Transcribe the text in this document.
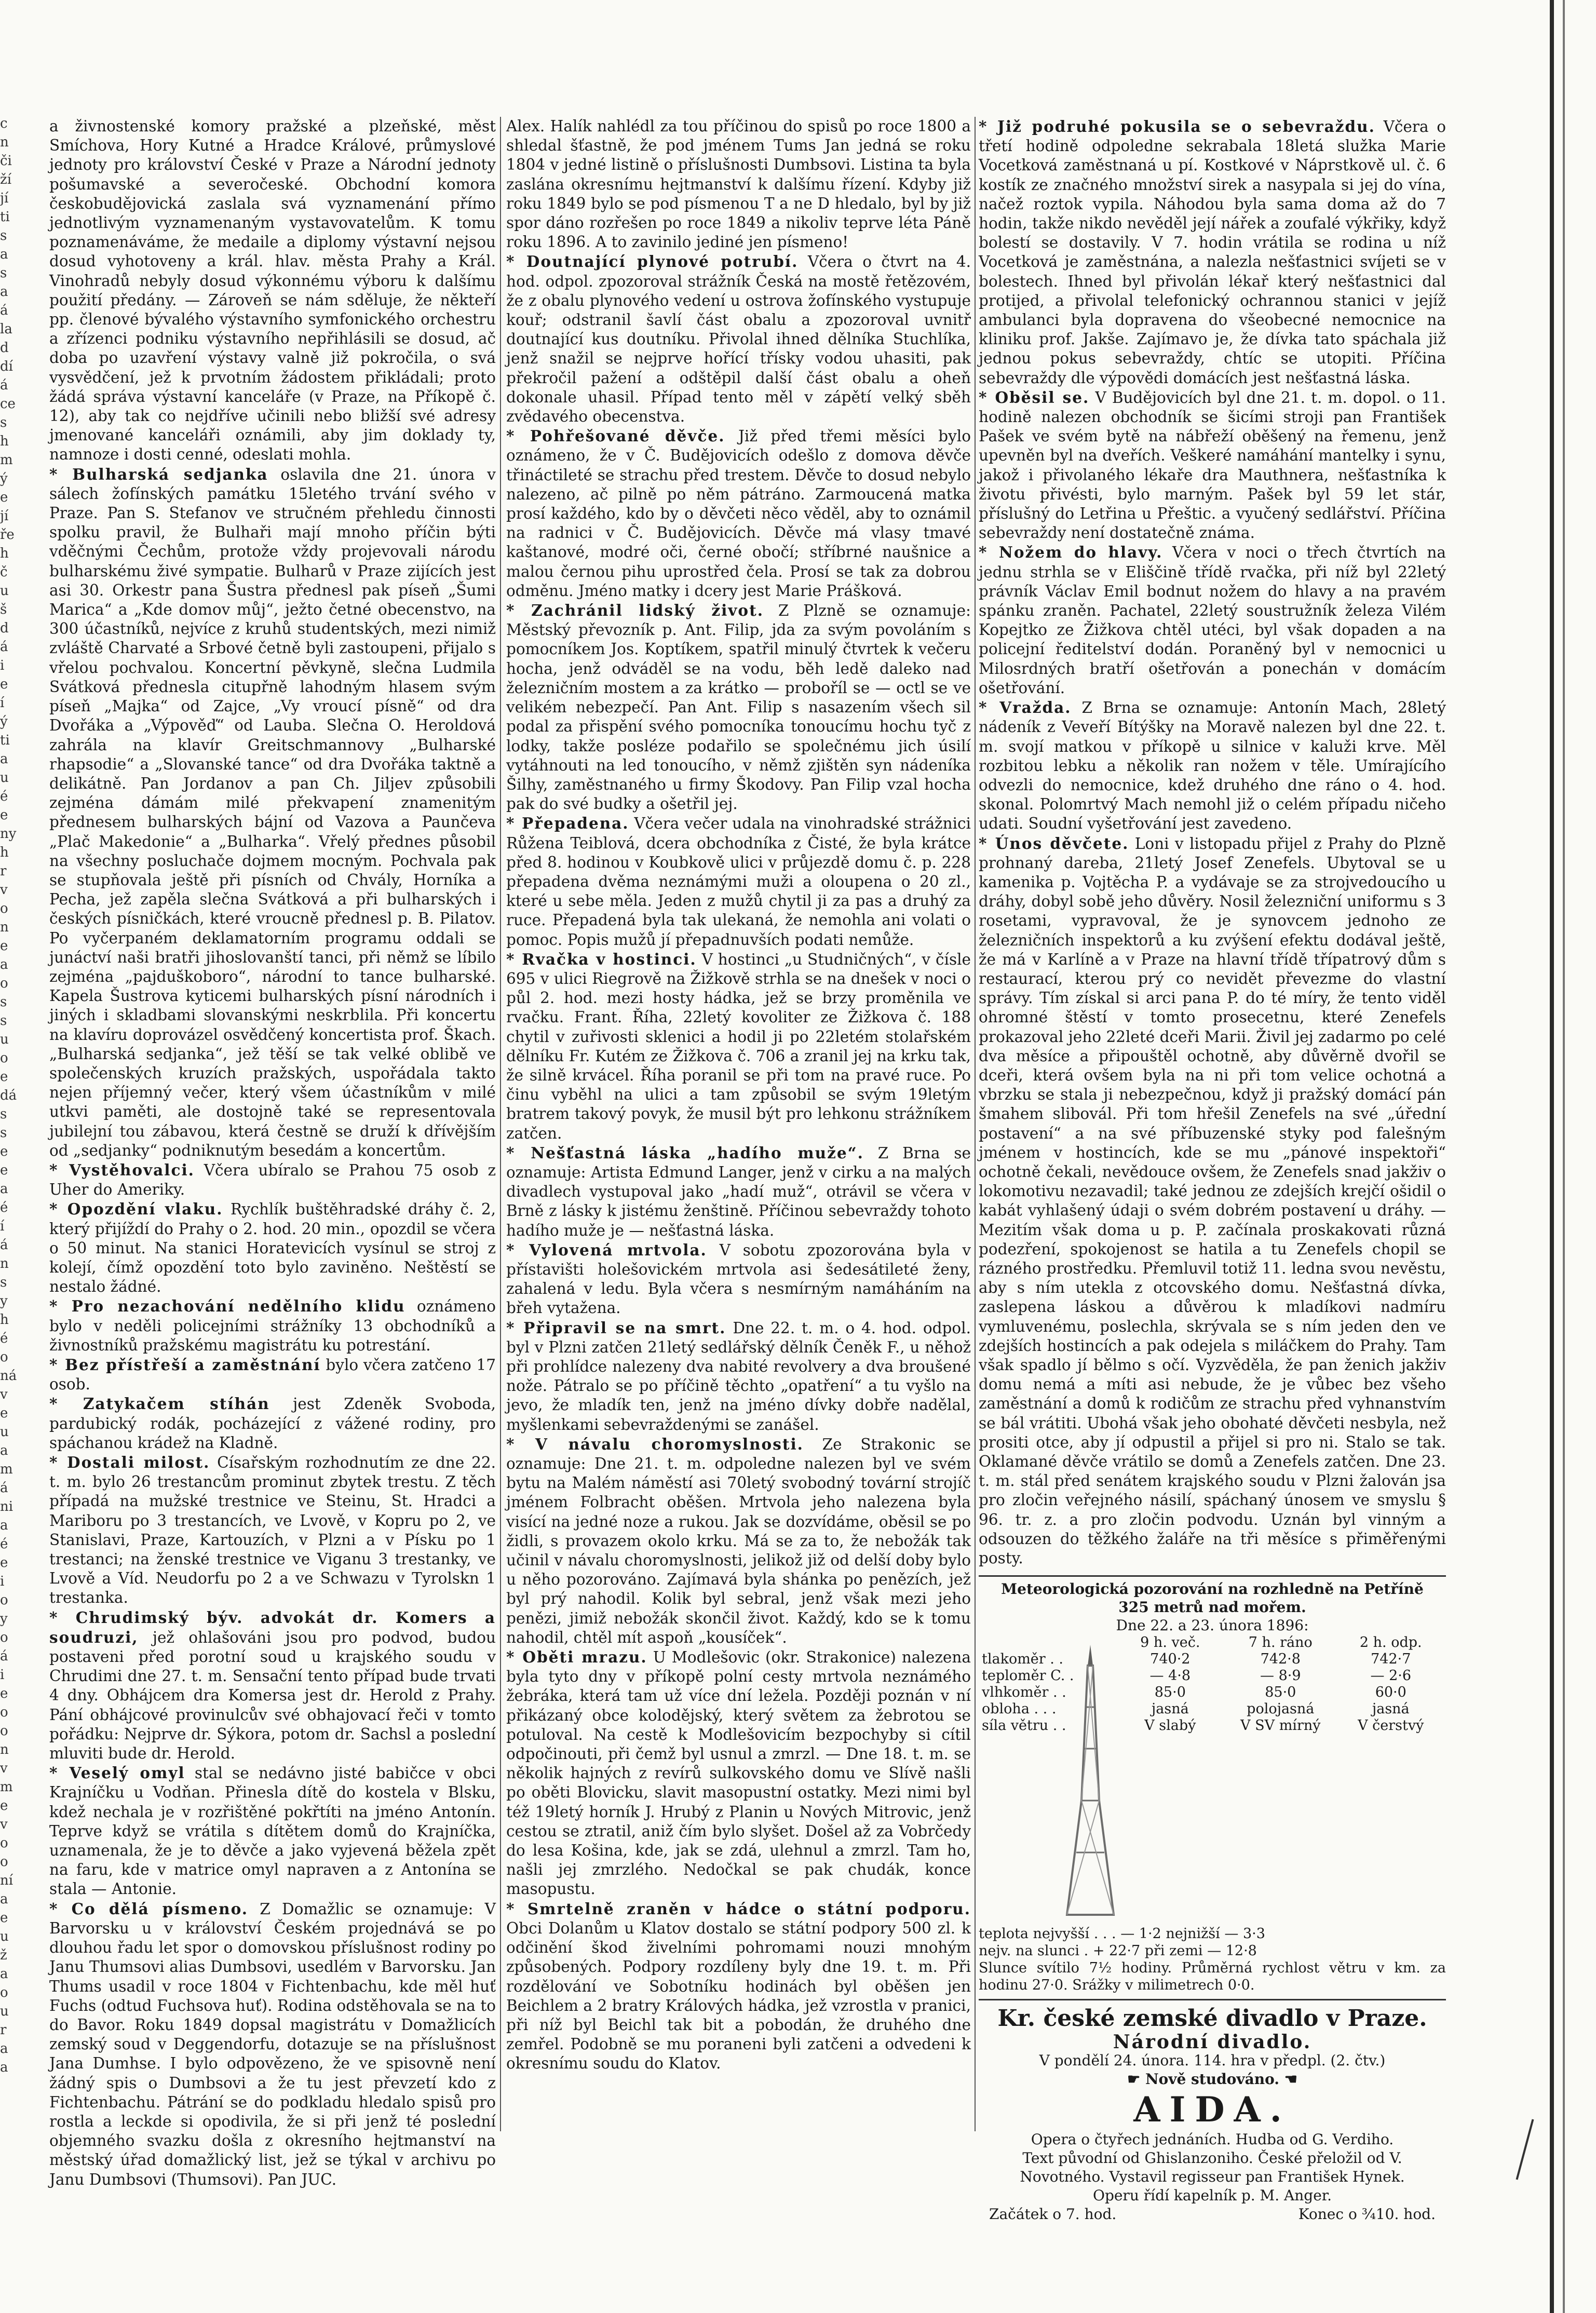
c
n
či
ží
jí
ti
s
a
s
a
á
la
d
dí
á
ce
s
h
m
ý
e
jí
ře
h
č
u
š
d
á
i
e
í
ý
ti
a
u
é
e
ny
h
r
v
o
n
e
a
o
s
s
u
o
e
dá
s
s
e
e
a
é
í
á
n
s
y
h
é
o
ná
v
e
u
a
m
á
ni
a
é
e
i
o
y
o
á
i
e
o
o
n
v
m
e
v
o
o
ní
a
e
u
ž
a
o
u
r
a
a

a živnostenské komory pražské a plzeňské, měst Smíchova, Hory Kutné a Hradce Králové, průmyslové jednoty pro království České v Praze a Národní jednoty pošumavské a severočeské. Obchodní komora českobudějovická zaslala svá vyznamenání přímo jednotlivým vyznamenaným vystavovatelům. K tomu poznamenáváme, že medaile a diplomy výstavní nejsou dosud vyhotoveny a král. hlav. města Prahy a Král. Vinohradů nebyly dosud výkonnému výboru k dalšímu použití předány. — Zároveň se nám sděluje, že někteří pp. členové bývalého výstavního symfonického orchestru a zřízenci podniku výstavního nepřihlásili se dosud, ač doba po uzavření výstavy valně již pokročila, o svá vysvědčení, jež k prvotním žádostem přikládali; proto žádá správa výstavní kanceláře (v Praze, na Příkopě č. 12), aby tak co nejdříve učinili nebo bližší své adresy jmenované kanceláři oznámili, aby jim doklady ty, namnoze i dosti cenné, odeslati mohla.

* Bulharská sedjanka oslavila dne 21. února v sálech žofínských památku 15letého trvání svého v Praze. Pan S. Stefanov ve stručném přehledu činnosti spolku pravil, že Bulhaři mají mnoho příčin býti vděčnými Čechům, protože vždy projevovali národu bulharskému živé sympatie. Bulharů v Praze zijících jest asi 30. Orkestr pana Šustra přednesl pak píseň „Šumi Marica“ a „Kde domov můj“, ježto četné obecenstvo, na 300 účastníků, nejvíce z kruhů studentských, mezi nimiž zvláště Charvaté a Srbové četně byli zastoupeni, přijalo s vřelou pochvalou. Koncertní pěvkyně, slečna Ludmila Svátková přednesla citupřně lahodným hlasem svým píseň „Majka“ od Zajce, „Vy vroucí písně“ od dra Dvořáka a „Výpověď“ od Lauba. Slečna O. Heroldová zahrála na klavír Greitschmannovy „Bulharské rhapsodie“ a „Slovanské tance“ od dra Dvořáka taktně a delikátně. Pan Jordanov a pan Ch. Jiljev způsobili zejména dámám milé překvapení znamenitým přednesem bulharských bájní od Vazova a Paunčeva „Plač Makedonie“ a „Bulharka“. Vřelý přednes působil na všechny posluchače dojmem mocným. Pochvala pak se stupňovala ještě při písních od Chvály, Horníka a Pecha, jež zapěla slečna Svátková a při bulharských i českých písničkách, které vroucně přednesl p. B. Pilatov. Po vyčerpaném deklamatorním programu oddali se junáctví naši bratři jihoslovanští tanci, při němž se líbilo zejména „pajduškoboro“, národní to tance bulharské. Kapela Šustrova kyticemi bulharských písní národních i jiných i skladbami slovanskými neskrblila. Při koncertu na klavíru doprovázel osvědčený koncertista prof. Škach. „Bulharská sedjanka“, jež těší se tak velké oblibě ve společenských kruzích pražských, uspořádala takto nejen příjemný večer, který všem účastníkům v milé utkvi paměti, ale dostojně také se representovala jubilejní tou zábavou, která čestně se druží k dřívějším od „sedjanky“ podniknutým besedám a koncertům.

* Vystěhovalci. Včera ubíralo se Prahou 75 osob z Uher do Ameriky.

* Opozdění vlaku. Rychlík buštěhradské dráhy č. 2, který přijíždí do Prahy o 2. hod. 20 min., opozdil se včera o 50 minut. Na stanici Horatevicích vysínul se stroj z kolejí, čímž opozdění toto bylo zaviněno. Neštěstí se nestalo žádné.

* Pro nezachování nedělního klidu oznámeno bylo v neděli policejními strážníky 13 obchodníků a živnostníků pražskému magistrátu ku potrestání.

* Bez přístřeší a zaměstnání bylo včera zatčeno 17 osob.

* Zatykačem stíhán jest Zdeněk Svoboda, pardubický rodák, pocházející z vážené rodiny, pro spáchanou krádež na Kladně.

* Dostali milost. Císařským rozhodnutím ze dne 22. t. m. bylo 26 trestancům prominut zbytek trestu. Z těch případá na mužské trestnice ve Steinu, St. Hradci a Mariboru po 3 trestancích, ve Lvově, v Kopru po 2, ve Stanislavi, Praze, Kartouzích, v Plzni a v Písku po 1 trestanci; na ženské trestnice ve Viganu 3 trestanky, ve Lvově a Víd. Neudorfu po 2 a ve Schwazu v Tyrolskn 1 trestanka.

* Chrudimský býv. advokát dr. Komers a soudruzi, jež ohlašováni jsou pro podvod, budou postaveni před porotní soud u krajského soudu v Chrudimi dne 27. t. m. Sensační tento případ bude trvati 4 dny. Obhájcem dra Komersa jest dr. Herold z Prahy. Pání obhájcové provinulcův své obhajovací řeči v tomto pořádku: Nejprve dr. Sýkora, potom dr. Sachsl a poslední mluviti bude dr. Herold.

* Veselý omyl stal se nedávno jisté babičce v obci Krajníčku u Vodňan. Přinesla dítě do kostela v Blsku, kdež nechala je v rozřištěné pokřtíti na jméno Antonín. Teprve když se vrátila s dítětem domů do Krajníčka, uznamenala, že je to děvče a jako vyjevená běžela zpět na faru, kde v matrice omyl napraven a z Antonína se stala — Antonie.

* Co dělá písmeno. Z Domažlic se oznamuje: V Barvorsku u v království Českém projednává se po dlouhou řadu let spor o domovskou příslušnost rodiny po Janu Thumsovi alias Dumbsovi, usedlém v Barvorsku. Jan Thums usadil v roce 1804 v Fichtenbachu, kde měl huť Fuchs (odtud Fuchsova huť). Rodina odstěhovala se na to do Bavor. Roku 1849 dopsal magistrátu v Domažlicích zemský soud v Deggendorfu, dotazuje se na příslušnost Jana Dumhse. I bylo odpovězeno, že ve spisovně není žádný spis o Dumbsovi a že tu jest převzetí kdo z Fichtenbachu. Pátrání se do podkladu hledalo spisů pro rostla a leckde si opodivila, že si při jenž té poslední objemného svazku došla z okresního hejtmanství na městský úřad domažlický list, jež se týkal v archivu po Janu Dumbsovi (Thumsovi). Pan JUC.

Alex. Halík nahlédl za tou příčinou do spisů po roce 1800 a shledal šťastně, že pod jménem Tums Jan jedná se roku 1804 v jedné listině o příslušnosti Dumbsovi. Listina ta byla zaslána okresnímu hejtmanství k dalšímu řízení. Kdyby již roku 1849 bylo se pod písmenou T a ne D hledalo, byl by již spor dáno rozřešen po roce 1849 a nikoliv teprve léta Páně roku 1896. A to zavinilo jediné jen písmeno!

* Doutnající plynové potrubí. Včera o čtvrt na 4. hod. odpol. zpozoroval strážník Česká na mostě řetězovém, že z obalu plynového vedení u ostrova žofínského vystupuje kouř; odstranil šavlí část obalu a zpozoroval uvnitř doutnající kus doutníku. Přivolal ihned dělníka Stuchlíka, jenž snažil se nejprve hořící třísky vodou uhasiti, pak překročil pažení a odštěpil další část obalu a oheň dokonale uhasil. Případ tento měl v zápětí velký sběh zvědavého obecenstva.

* Pohřešované děvče. Již před třemi měsíci bylo oznámeno, že v Č. Budějovicích odešlo z domova děvče třináctileté se strachu před trestem. Děvče to dosud nebylo nalezeno, ač pilně po něm pátráno. Zarmoucená matka prosí každého, kdo by o děvčeti něco věděl, aby to oznámil na radnici v Č. Budějovicích. Děvče má vlasy tmavé kaštanové, modré oči, černé obočí; stříbrné naušnice a malou černou pihu uprostřed čela. Prosí se tak za dobrou odměnu. Jméno matky i dcery jest Marie Prášková.

* Zachránil lidský život. Z Plzně se oznamuje: Městský převozník p. Ant. Filip, jda za svým povoláním s pomocníkem Jos. Koptíkem, spatřil minulý čtvrtek k večeru hocha, jenž odváděl se na vodu, běh ledě daleko nad železničním mostem a za krátko — proboříl se — octl se ve velikém nebezpečí. Pan Ant. Filip s nasazením všech sil podal za přispění svého pomocníka tonoucímu hochu tyč z lodky, takže posléze podařilo se společnému jich úsilí vytáhnouti na led tonoucího, v němž zjištěn syn nádeníka Šilhy, zaměstnaného u firmy Škodovy. Pan Filip vzal hocha pak do své budky a ošetřil jej.

* Přepadena. Včera večer udala na vinohradské strážnici Růžena Teiblová, dcera obchodníka z Čisté, že byla krátce před 8. hodinou v Koubkově ulici v průjezdě domu č. p. 228 přepadena dvěma neznámými muži a oloupena o 20 zl., které u sebe měla. Jeden z mužů chytil ji za pas a druhý za ruce. Přepadená byla tak ulekaná, že nemohla ani volati o pomoc. Popis mužů jí přepadnuvších podati nemůže.

* Rvačka v hostinci. V hostinci „u Studničných“, v čísle 695 v ulici Riegrově na Žižkově strhla se na dnešek v noci o půl 2. hod. mezi hosty hádka, jež se brzy proměnila ve rvačku. Frant. Říha, 22letý kovoliter ze Žižkova č. 188 chytil v zuřivosti sklenici a hodil ji po 22letém stolařském dělníku Fr. Kutém ze Žižkova č. 706 a zranil jej na krku tak, že silně krvácel. Říha poranil se při tom na pravé ruce. Po činu vyběhl na ulici a tam způsobil se svým 19letým bratrem takový povyk, že musil být pro lehkonu strážníkem zatčen.

* Nešťastná láska „hadího muže“. Z Brna se oznamuje: Artista Edmund Langer, jenž v cirku a na malých divadlech vystupoval jako „hadí muž“, otrávil se včera v Brně z lásky k jistému ženštině. Příčinou sebevraždy tohoto hadího muže je — nešťastná láska.

* Vylovená mrtvola. V sobotu zpozorována byla v přístavišti holešovickém mrtvola asi šedesátileté ženy, zahalená v ledu. Byla včera s nesmírným namáháním na břeh vytažena.

* Připravil se na smrt. Dne 22. t. m. o 4. hod. odpol. byl v Plzni zatčen 21letý sedlářský dělník Čeněk F., u něhož při prohlídce nalezeny dva nabité revolvery a dva broušené nože. Pátralo se po příčině těchto „opatření“ a tu vyšlo na jevo, že mladík ten, jenž na jméno dívky dobře nadělal, myšlenkami sebevraždenými se zanášel.

* V návalu choromyslnosti. Ze Strakonic se oznamuje: Dne 21. t. m. odpoledne nalezen byl ve svém bytu na Malém náměstí asi 70letý svobodný tovární strojíč jménem Folbracht oběšen. Mrtvola jeho nalezena byla visící na jedné noze a rukou. Jak se dozvídáme, oběsil se po židli, s provazem okolo krku. Má se za to, že nebožák tak učinil v návalu choromyslnosti, jelikož již od delší doby bylo u něho pozorováno. Zajímavá byla shánka po penězích, jež byl prý nahodil. Kolik byl sebral, jenž však mezi jeho penězi, jimiž nebožák skončil život. Každý, kdo se k tomu nahodil, chtěl mít aspoň „kousíček“.

* Oběti mrazu. U Modlešovic (okr. Strakonice) nalezena byla tyto dny v příkopě polní cesty mrtvola neznámého žebráka, která tam už více dní ležela. Později poznán v ní přikázaný obce kolodějský, který světem za žebrotou se potuloval. Na cestě k Modlešovicím bezpochyby si cítil odpočinouti, při čemž byl usnul a zmrzl. — Dne 18. t. m. se několik hajných z revírů sulkovského domu ve Slívě našli po oběti Blovicku, slavit masopustní ostatky. Mezi nimi byl též 19letý horník J. Hrubý z Planin u Nových Mitrovic, jenž cestou se ztratil, aniž čím bylo slyšet. Došel až za Vobrčedy do lesa Košina, kde, jak se zdá, ulehnul a zmrzl. Tam ho, našli jej zmrzlého. Nedočkal se pak chudák, konce masopustu.

* Smrtelně zraněn v hádce o státní podporu. Obci Dolanům u Klatov dostalo se státní podpory 500 zl. k odčinění škod živelními pohromami nouzi mnohým způsobených. Podpory rozdíleny byly dne 19. t. m. Při rozdělování ve Sobotníku hodinách byl oběšen jen Beichlem a 2 bratry Králových hádka, jež vzrostla v pranici, při níž byl Beichl tak bit a pobodán, že druhého dne zemřel. Podobně se mu poraneni byli zatčeni a odvedeni k okresnímu soudu do Klatov.

* Již podruhé pokusila se o sebevraždu. Včera o třetí hodině odpoledne sekrabala 18letá služka Marie Vocetková zaměstnaná u pí. Kostkové v Náprstkově ul. č. 6 kostík ze značného množství sirek a nasypala si jej do vína, načež roztok vypila. Náhodou byla sama doma až do 7 hodin, takže nikdo nevěděl její nářek a zoufalé výkřiky, když bolestí se dostavily. V 7. hodin vrátila se rodina u níž Vocetková je zaměstnána, a nalezla nešťastnici svíjeti se v bolestech. Ihned byl přivolán lékař který nešťastnici dal protijed, a přivolal telefonický ochrannou stanici v jejíž ambulanci byla dopravena do všeobecné nemocnice na kliniku prof. Jakše. Zajímavo je, že dívka tato spáchala již jednou pokus sebevraždy, chtíc se utopiti. Příčina sebevraždy dle výpovědi domácích jest nešťastná láska.

* Oběsil se. V Budějovicích byl dne 21. t. m. dopol. o 11. hodině nalezen obchodník se šicími stroji pan František Pašek ve svém bytě na nábřeží oběšený na řemenu, jenž upevněn byl na dveřích. Veškeré namáhání mantelky i synu, jakož i přivolaného lékaře dra Mauthnera, nešťastníka k životu přivésti, bylo marným. Pašek byl 59 let stár, příslušný do Letřina u Přeštic. a vyučený sedlářství. Příčina sebevraždy není dostatečně známa.

* Nožem do hlavy. Včera v noci o třech čtvrtích na jednu strhla se v Eliščině třídě rvačka, při níž byl 22letý právník Václav Emil bodnut nožem do hlavy a na pravém spánku zraněn. Pachatel, 22letý soustružník železa Vilém Kopejtko ze Žižkova chtěl utéci, byl však dopaden a na policejní ředitelství dodán. Poraněný byl v nemocnici u Milosrdných bratří ošetřován a ponechán v domácím ošetřování.

* Vražda. Z Brna se oznamuje: Antonín Mach, 28letý nádeník z Veveří Bítýšky na Moravě nalezen byl dne 22. t. m. svojí matkou v příkopě u silnice v kaluži krve. Měl rozbitou lebku a několik ran nožem v těle. Umírajícího odvezli do nemocnice, kdež druhého dne ráno o 4. hod. skonal. Polomrtvý Mach nemohl již o celém případu ničeho udati. Soudní vyšetřování jest zavedeno.

* Únos děvčete. Loni v listopadu přijel z Prahy do Plzně prohnaný dareba, 21letý Josef Zenefels. Ubytoval se u kamenika p. Vojtěcha P. a vydávaje se za strojvedoucího u dráhy, dobyl sobě jeho důvěry. Nosil železniční uniformu s 3 rosetami, vypravoval, že je synovcem jednoho ze železničních inspektorů a ku zvýšení efektu dodával ještě, že má v Karlíně a v Praze na hlavní třídě třípatrový dům s restaurací, kterou prý co nevidět převezme do vlastní správy. Tím získal si arci pana P. do té míry, že tento viděl ohromné štěstí v tomto prosecetnu, které Zenefels prokazoval jeho 22leté dceři Marii. Živil jej zadarmo po celé dva měsíce a připouštěl ochotně, aby důvěrně dvořil se dceři, která ovšem byla na ni při tom velice ochotná a vbrzku se stala ji nebezpečnou, když ji pražský domácí pán šmahem slibovál. Při tom hřešil Zenefels na své „úřední postavení“ a na své příbuzenské styky pod falešným jménem v hostincích, kde se mu „pánové inspektoři“ ochotně čekali, nevědouce ovšem, že Zenefels snad jakživ o lokomotivu nezavadil; také jednou ze zdejších krejčí ošidil o kabát vyhlašený údaji o svém dobrém postavení u dráhy. — Mezitím však doma u p. P. začínala proskakovati různá podezření, spokojenost se hatila a tu Zenefels chopil se rázného prostředku. Přemluvil totiž 11. ledna svou nevěstu, aby s ním utekla z otcovského domu. Nešťastná dívka, zaslepena láskou a důvěrou k mladíkovi nadmíru vymluvenému, poslechla, skrývala se s ním jeden den ve zdejších hostincích a pak odejela s miláčkem do Prahy. Tam však spadlo jí bělmo s očí. Vyzvěděla, že pan ženich jakživ domu nemá a míti asi nebude, že je vůbec bez všeho zaměstnání a domů k rodičům ze strachu před vyhnanstvím se bál vrátiti. Ubohá však jeho obohaté děvčeti nesbyla, než prositi otce, aby jí odpustil a přijel si pro ni. Stalo se tak. Oklamané děvče vrátilo se domů a Zenefels zatčen. Dne 23. t. m. stál před senátem krajského soudu v Plzni žalován jsa pro zločin veřejného násilí, spáchaný únosem ve smyslu § 96. tr. z. a pro zločin podvodu. Uznán byl vinným a odsouzen do těžkého žaláře na tři měsíce s přiměřenými posty.

Meteorologická pozorování na rozhledně na Petříně
325 metrů nad mořem.
Dne 22. a 23. února 1896:
	9 h. več.	7 h. ráno	2 h. odp.
tlakoměr . .	740·2	742·8	742·7
teploměr C. .	— 4·8	— 8·9	— 2·6
vlhkoměr . .	85·0	85·0	60·0
obloha . . .	jasná	polojasná	jasná
síla větru . .	V slabý	V SV mírný	V čerstvý
teplota nejvyšší . . . — 1·2 nejnižší — 3·3
nejv. na slunci . + 22·7 při zemi — 12·8
Slunce svítilo 7½ hodiny. Průměrná rychlost větru v km. za hodinu 27·0. Srážky v milimetrech 0·0.
Kr. české zemské divadlo v Praze.
Národní divadlo.
V pondělí 24. února. 114. hra v předpl. (2. čtv.)
☛ Nově studováno. ☚
AIDA.
Opera o čtyřech jednáních. Hudba od G. Verdiho.
Text původní od Ghislanzoniho. České přeložil od V. Novotného. Vystavil regisseur pan František Hynek.
Operu řídí kapelník p. M. Anger.
Začátek o 7. hod.	Konec o ¾10. hod.
